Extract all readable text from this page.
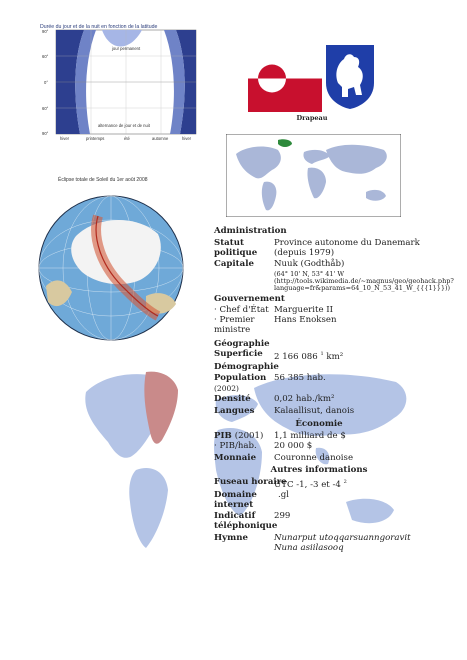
Durée du jour et de la nuit en fonction de la latitude
90°
60°
0°
60°
90°
hiver	printemps	été	automne	hiver
jour permanent
alternance de jour et de nuit
Drapeau
Éclipse totale de Soleil du 1er août 2008
Administration
Statut politique
Province autonome du Danemark (depuis 1979)
Capitale Nuuk (Godthåb)
(64° 10' N, 53° 41' W
(http://tools.wikimedia.de/~magnus/geo/geohack.php?
language=fr&params=64_10_N_53_41_W_{{{1}}}))
Gouvernement
· Chef d'État Marguerite II
· Premier ministre
Hans Enoksen
Géographie
Superficie 2 166 086 $^1$ km²
Démographie
Population
(2002)
56 385 hab.
Densité	0,02 hab./km²
Langues Kalaallisut, danois
Économie
PIB (2001) 1,1 milliard de $
· PIB/hab. 20 000 $
Monnaie Couronne danoise
Autres informations
Fuseau horaire
UTC -1, -3 et -4 $^2$
Domaine internet
.gl
Indicatif téléphonique
299
Hymne	Nunarput utoqqarsuanngoravit
Nuna asiilasooq
